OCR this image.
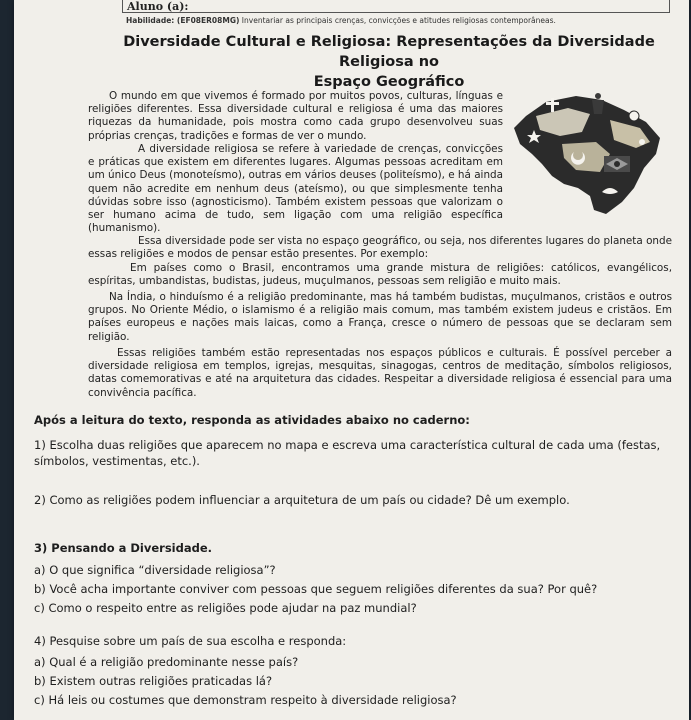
Aluno (a):
Habilidade: (EF08ER08MG) Inventariar as principais crenças, convicções e atitudes religiosas contemporâneas.
Diversidade Cultural e Religiosa: Representações da Diversidade Religiosa no
Espaço Geográfico
O mundo em que vivemos é formado por muitos povos, culturas, línguas e religiões diferentes. Essa diversidade cultural e religiosa é uma das maiores riquezas da humanidade, pois mostra como cada grupo desenvolveu suas próprias crenças, tradições e formas de ver o mundo.
A diversidade religiosa se refere à variedade de crenças, convicções e práticas que existem em diferentes lugares. Algumas pessoas acreditam em um único Deus (monoteísmo), outras em vários deuses (politeísmo), e há ainda quem não acredite em nenhum deus (ateísmo), ou que simplesmente tenha dúvidas sobre isso (agnosticismo). Também existem pessoas que valorizam o ser humano acima de tudo, sem ligação com uma religião específica (humanismo).
Essa diversidade pode ser vista no espaço geográfico, ou seja, nos diferentes lugares do planeta onde essas religiões e modos de pensar estão presentes. Por exemplo:
Em países como o Brasil, encontramos uma grande mistura de religiões: católicos, evangélicos, espíritas, umbandistas, budistas, judeus, muçulmanos, pessoas sem religião e muito mais.
Na Índia, o hinduísmo é a religião predominante, mas há também budistas, muçulmanos, cristãos e outros grupos. No Oriente Médio, o islamismo é a religião mais comum, mas também existem judeus e cristãos. Em países europeus e nações mais laicas, como a França, cresce o número de pessoas que se declaram sem religião.
Essas religiões também estão representadas nos espaços públicos e culturais. É possível perceber a diversidade religiosa em templos, igrejas, mesquitas, sinagogas, centros de meditação, símbolos religiosos, datas comemorativas e até na arquitetura das cidades. Respeitar a diversidade religiosa é essencial para uma convivência pacífica.
Após a leitura do texto, responda as atividades abaixo no caderno:
1) Escolha duas religiões que aparecem no mapa e escreva uma característica cultural de cada uma (festas, símbolos, vestimentas, etc.).
2) Como as religiões podem influenciar a arquitetura de um país ou cidade? Dê um exemplo.
3) Pensando a Diversidade.
a) O que significa “diversidade religiosa”?
b) Você acha importante conviver com pessoas que seguem religiões diferentes da sua? Por quê?
c) Como o respeito entre as religiões pode ajudar na paz mundial?
4) Pesquise sobre um país de sua escolha e responda:
a) Qual é a religião predominante nesse país?
b) Existem outras religiões praticadas lá?
c) Há leis ou costumes que demonstram respeito à diversidade religiosa?
